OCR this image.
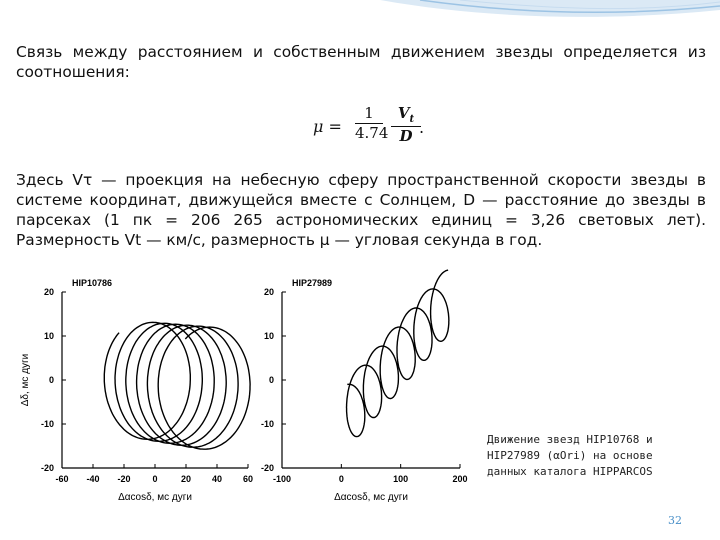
Связь между расстоянием и собственным движением звезды определяется из соотношения:
μ =
1
4.74
$V_t$
D .
Здесь Vτ — проекция на небесную сферу пространственной скорости звезды в системе координат, движущейся вместе с Солнцем, D — расстояние до звезды в парсеках (1 пк = 206 265 астрономических единиц = 3,26 световых лет). Размерность Vt — км/с, размерность μ — угловая секунда в год.
-60 -40 -20 0	20 40 60
20
10
0
-10
-20
HIP10786
Δαcosδ, мс дуги
Δδ, мс дуги
-100	0	100	200
20
10
0
-10
-20
HIP27989
Δαcosδ, мс дуги
Движение звезд HIP10768 и HIP27989 (αOri) на основе данных каталога HIPPARCOS
32
